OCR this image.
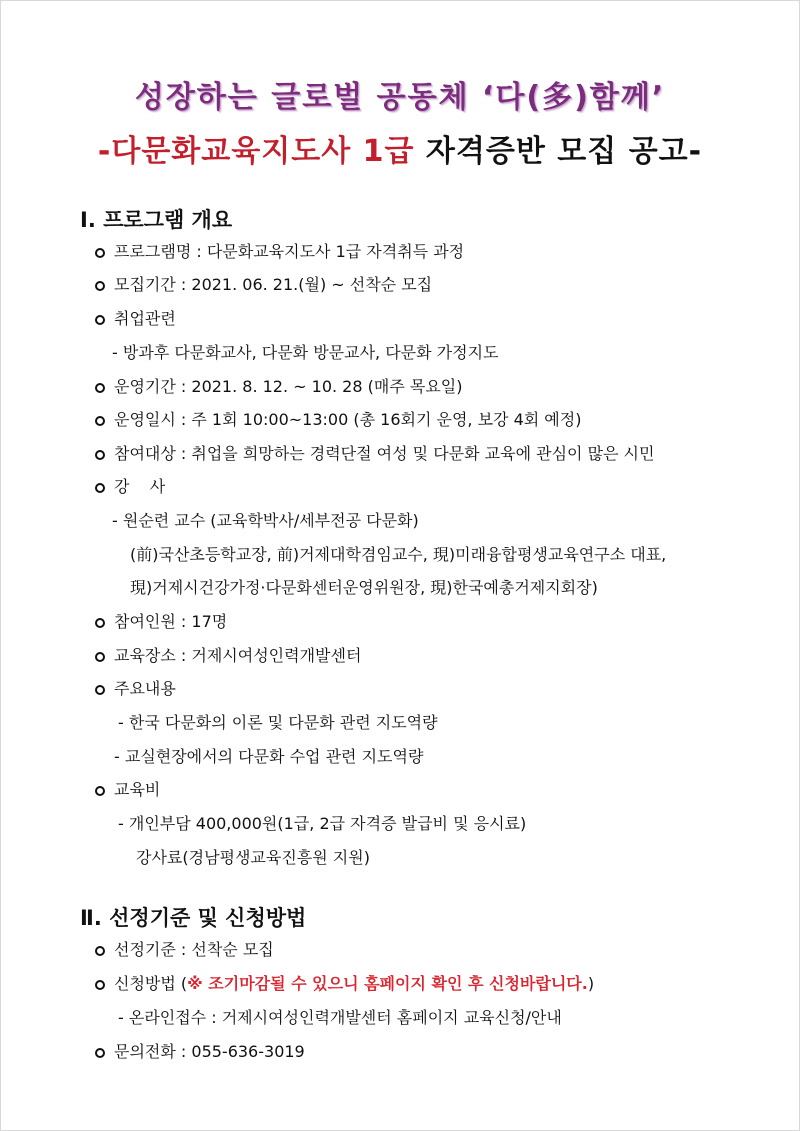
성장하는 글로벌 공동체 ‘다(多)함께’
-다문화교육지도사 1급 자격증반 모집 공고-
Ⅰ. 프로그램 개요
프로그램명 : 다문화교육지도사 1급 자격취득 과정
모집기간 : 2021. 06. 21.(월) ~ 선착순 모집
취업관련
- 방과후 다문화교사, 다문화 방문교사, 다문화 가정지도
운영기간 : 2021. 8. 12. ~ 10. 28 (매주 목요일)
운영일시 : 주 1회 10:00~13:00 (총 16회기 운영, 보강 4회 예정)
참여대상 : 취업을 희망하는 경력단절 여성 및 다문화 교육에 관심이 많은 시민
강    사
- 원순련 교수 (교육학박사/세부전공 다문화)
(前)국산초등학교장, 前)거제대학겸임교수, 現)미래융합평생교육연구소 대표,
現)거제시건강가정·다문화센터운영위원장, 現)한국예총거제지회장)
참여인원 : 17명
교육장소 : 거제시여성인력개발센터
주요내용
- 한국 다문화의 이론 및 다문화 관련 지도역량
- 교실현장에서의 다문화 수업 관련 지도역량
교육비
- 개인부담 400,000원(1급, 2급 자격증 발급비 및 응시료)
강사료(경남평생교육진흥원 지원)
Ⅱ. 선정기준 및 신청방법
선정기준 : 선착순 모집
신청방법 (※ 조기마감될 수 있으니 홈페이지 확인 후 신청바랍니다.)
- 온라인접수 : 거제시여성인력개발센터 홈페이지 교육신청/안내
문의전화 : 055-636-3019
